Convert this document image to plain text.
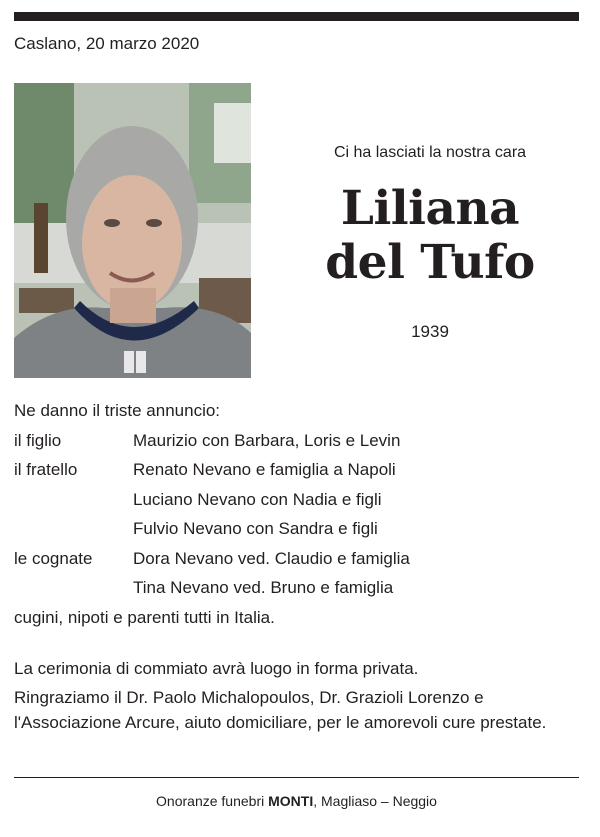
Caslano, 20 marzo 2020
Ci ha lasciati la nostra cara
Liliana
del Tufo
1939
Ne danno il triste annuncio:
il figlio	Maurizio con Barbara, Loris e Levin
il fratello	Renato Nevano e famiglia a Napoli
Luciano Nevano con Nadia e figli
Fulvio Nevano con Sandra e figli
le cognate Dora Nevano ved. Claudio e famiglia
Tina Nevano ved. Bruno e famiglia
cugini, nipoti e parenti tutti in Italia.
La cerimonia di commiato avrà luogo in forma privata.
Ringraziamo il Dr. Paolo Michalopoulos, Dr. Grazioli Lorenzo e l'Associazione Arcure, aiuto domiciliare, per le amorevoli cure prestate.
Onoranze funebri MONTI, Magliaso – Neggio
